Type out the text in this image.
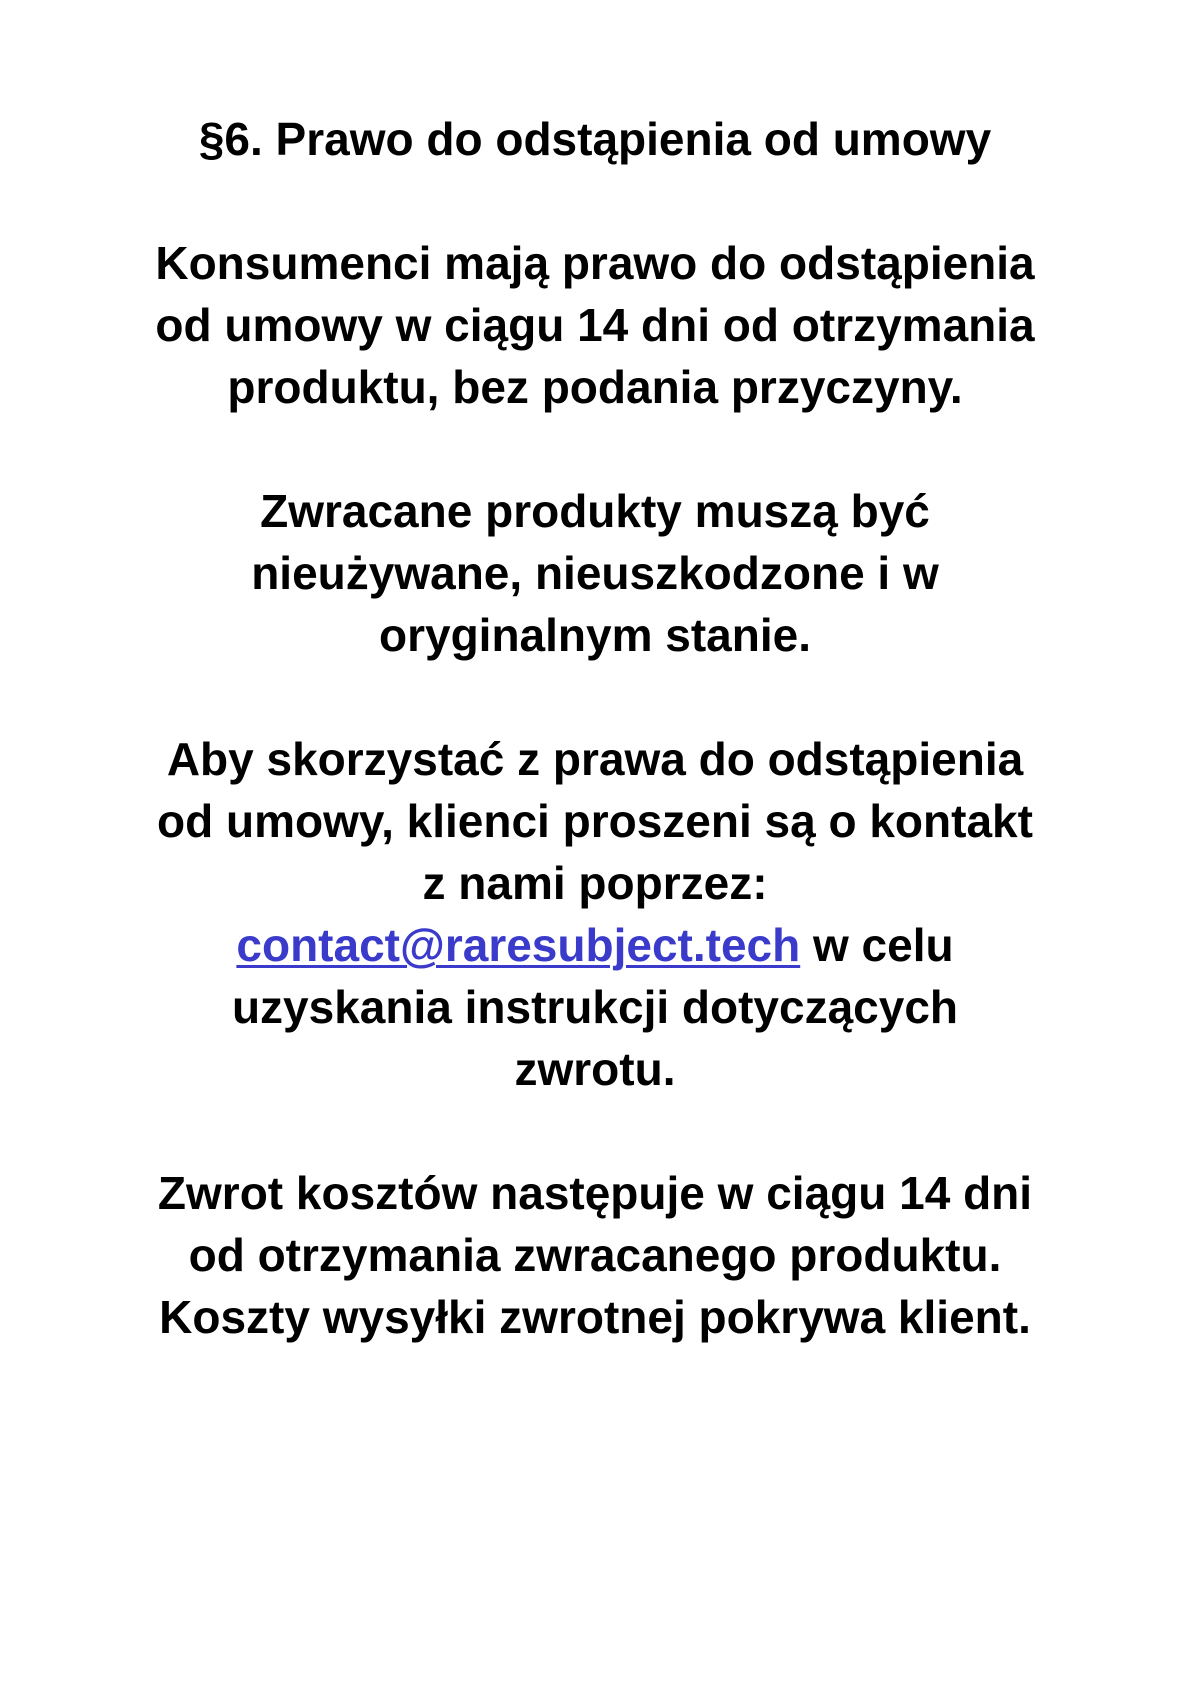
§6. Prawo do odstąpienia od umowy

Konsumenci mają prawo do odstąpienia
od umowy w ciągu 14 dni od otrzymania
produktu, bez podania przyczyny.

Zwracane produkty muszą być
nieużywane, nieuszkodzone i w
oryginalnym stanie.

Aby skorzystać z prawa do odstąpienia
od umowy, klienci proszeni są o kontakt
z nami poprzez:
contact@raresubject.tech w celu
uzyskania instrukcji dotyczących
zwrotu.

Zwrot kosztów następuje w ciągu 14 dni
od otrzymania zwracanego produktu.
Koszty wysyłki zwrotnej pokrywa klient.
